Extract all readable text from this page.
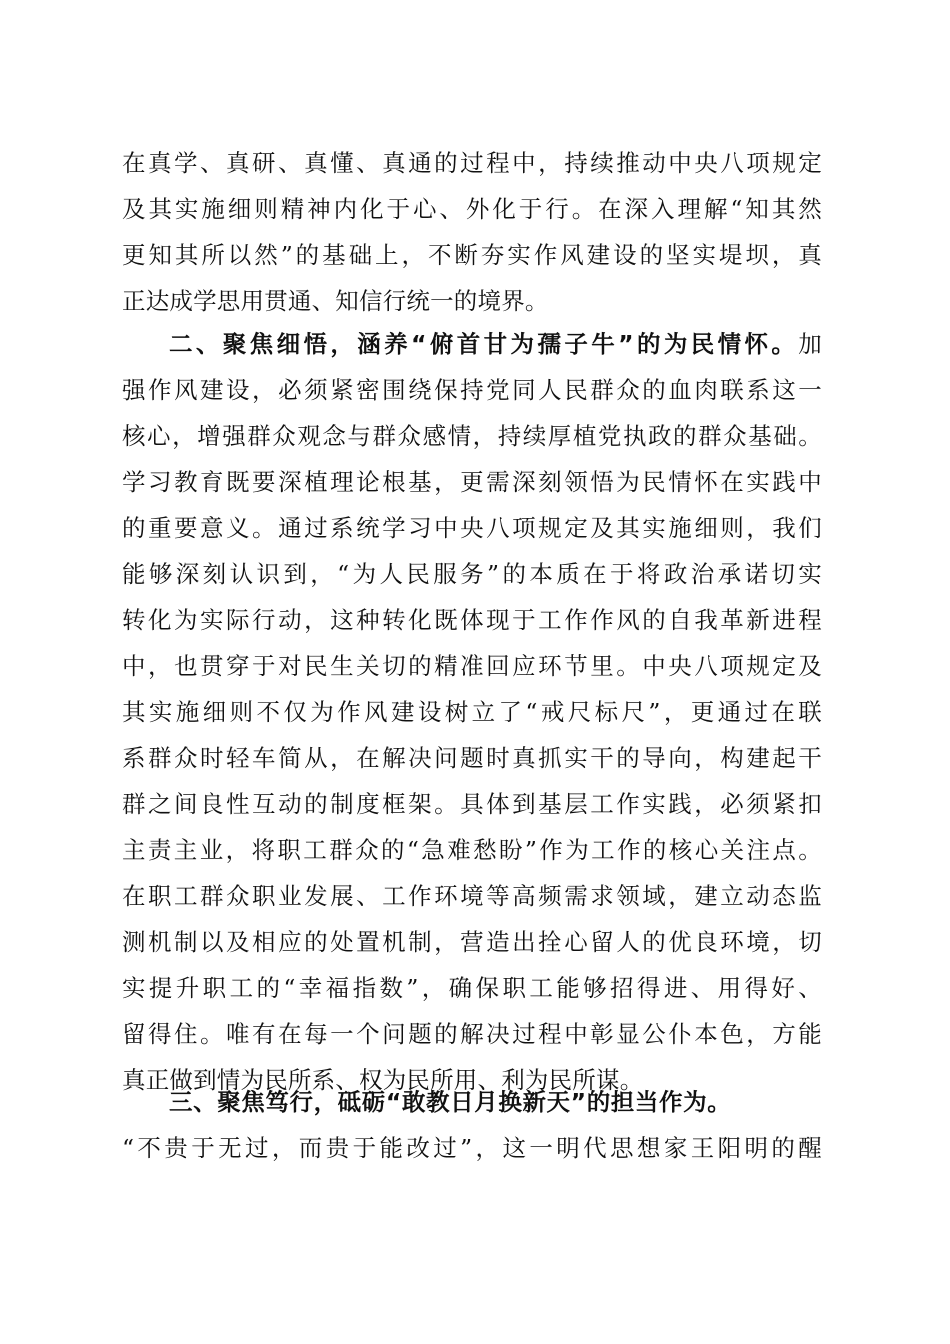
在真学、真研、真懂、真通的过程中，持续推动中央八项规定
及其实施细则精神内化于心、外化于行。在深入理解“知其然
更知其所以然”的基础上，不断夯实作风建设的坚实堤坝，真
正达成学思用贯通、知信行统一的境界。
二、聚焦细悟，涵养“俯首甘为孺子牛”的为民情怀。加
强作风建设，必须紧密围绕保持党同人民群众的血肉联系这一
核心，增强群众观念与群众感情，持续厚植党执政的群众基础。
学习教育既要深植理论根基，更需深刻领悟为民情怀在实践中
的重要意义。通过系统学习中央八项规定及其实施细则，我们
能够深刻认识到，“为人民服务”的本质在于将政治承诺切实
转化为实际行动，这种转化既体现于工作作风的自我革新进程
中，也贯穿于对民生关切的精准回应环节里。中央八项规定及
其实施细则不仅为作风建设树立了“戒尺标尺”，更通过在联
系群众时轻车简从，在解决问题时真抓实干的导向，构建起干
群之间良性互动的制度框架。具体到基层工作实践，必须紧扣
主责主业，将职工群众的“急难愁盼”作为工作的核心关注点。
在职工群众职业发展、工作环境等高频需求领域，建立动态监
测机制以及相应的处置机制，营造出拴心留人的优良环境，切
实提升职工的“幸福指数”，确保职工能够招得进、用得好、
留得住。唯有在每一个问题的解决过程中彰显公仆本色，方能
真正做到情为民所系、权为民所用、利为民所谋。
三、聚焦笃行，砥砺“敢教日月换新天”的担当作为。
“不贵于无过，而贵于能改过”，这一明代思想家王阳明的醒
